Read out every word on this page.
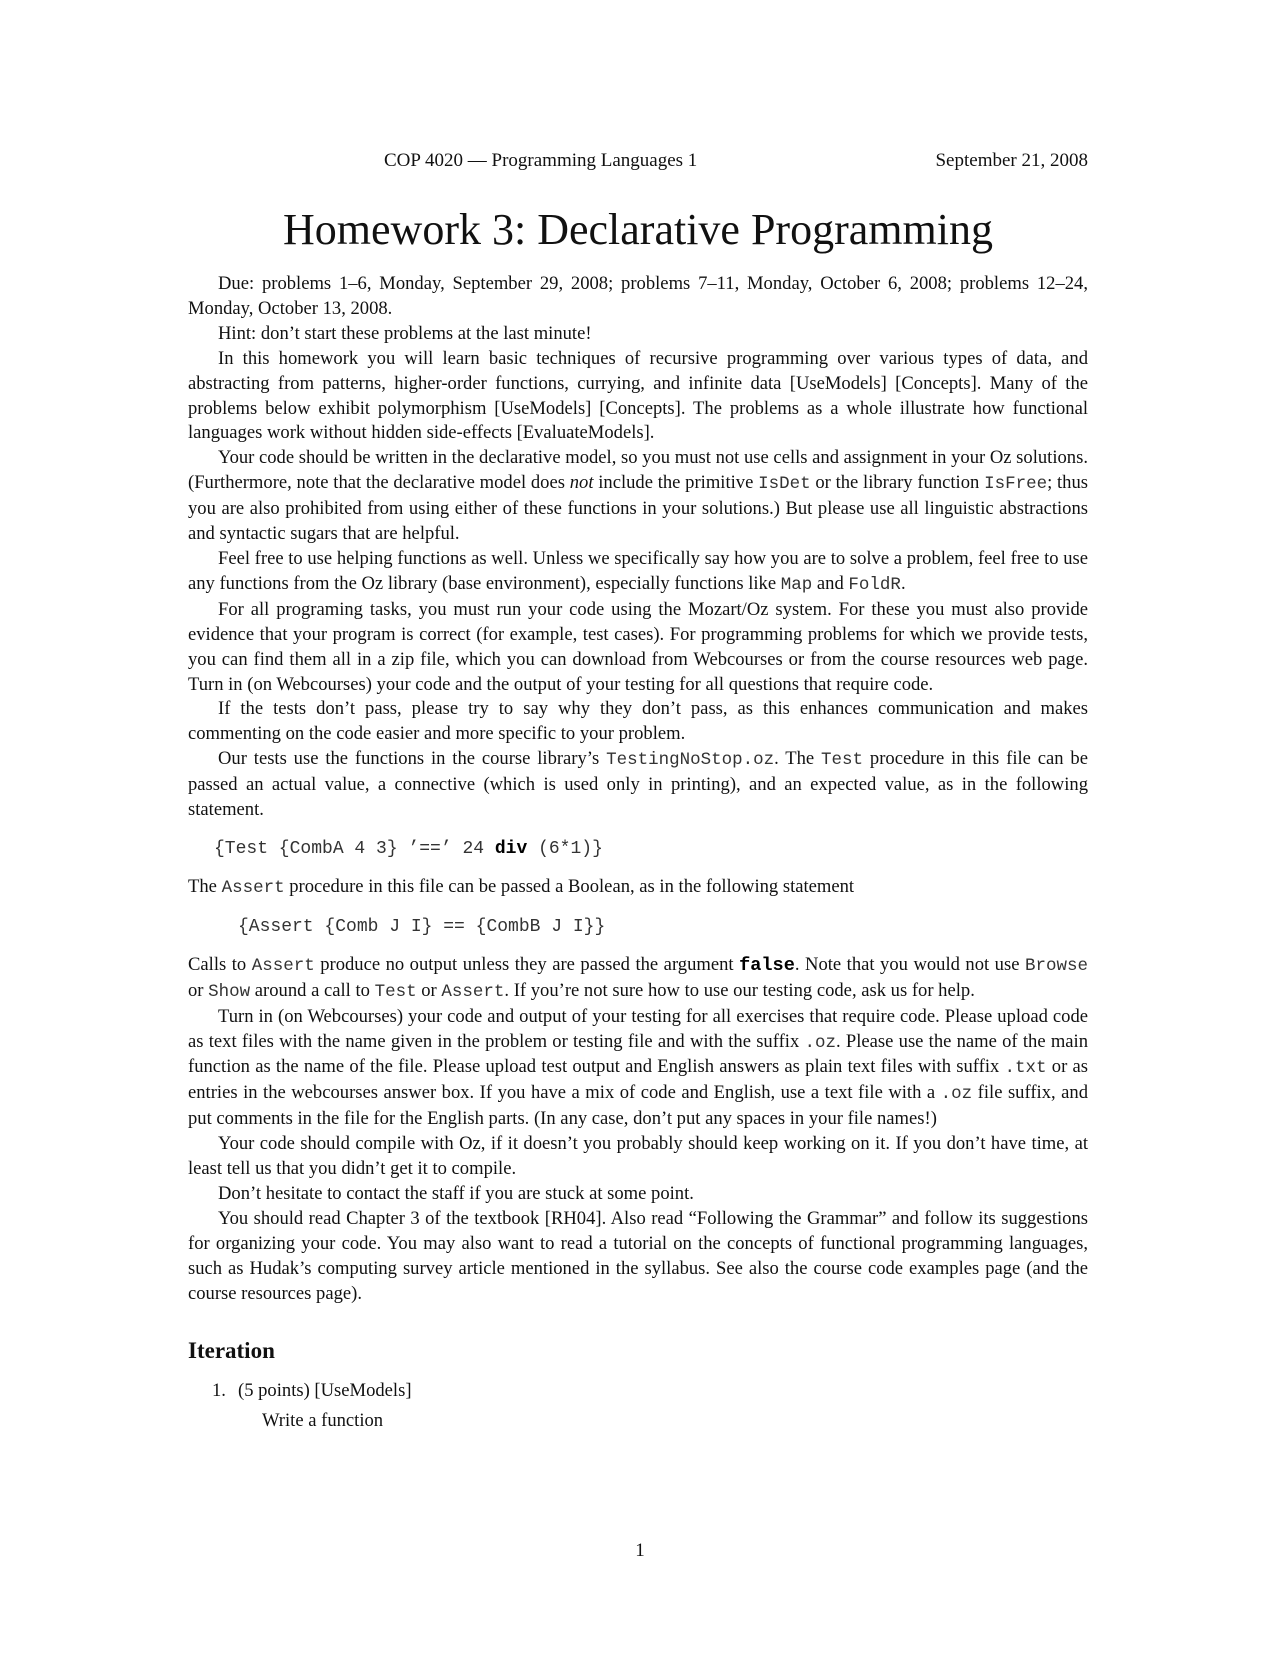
COP 4020 — Programming Languages 1	September 21, 2008
Homework 3: Declarative Programming

Due: problems 1–6, Monday, September 29, 2008; problems 7–11, Monday, October 6, 2008; problems 12–24, Monday, October 13, 2008.

Hint: don’t start these problems at the last minute!

In this homework you will learn basic techniques of recursive programming over various types of data, and abstracting from patterns, higher-order functions, currying, and infinite data [UseModels] [Concepts]. Many of the problems below exhibit polymorphism [UseModels] [Concepts]. The problems as a whole illustrate how functional languages work without hidden side-effects [EvaluateModels].

Your code should be written in the declarative model, so you must not use cells and assignment in your Oz solutions. (Furthermore, note that the declarative model does not include the primitive IsDet or the library function IsFree; thus you are also prohibited from using either of these functions in your solutions.) But please use all linguistic abstractions and syntactic sugars that are helpful.

Feel free to use helping functions as well. Unless we specifically say how you are to solve a problem, feel free to use any functions from the Oz library (base environment), especially functions like Map and FoldR.

For all programing tasks, you must run your code using the Mozart/Oz system. For these you must also provide evidence that your program is correct (for example, test cases). For programming problems for which we provide tests, you can find them all in a zip file, which you can download from Webcourses or from the course resources web page. Turn in (on Webcourses) your code and the output of your testing for all questions that require code.

If the tests don’t pass, please try to say why they don’t pass, as this enhances communication and makes commenting on the code easier and more specific to your problem.

Our tests use the functions in the course library’s TestingNoStop.oz. The Test procedure in this file can be passed an actual value, a connective (which is used only in printing), and an expected value, as in the following statement.

{Test {CombA 4 3} ’==’ 24 div (6*1)}

The Assert procedure in this file can be passed a Boolean, as in the following statement

{Assert {Comb J I} == {CombB J I}}

Calls to Assert produce no output unless they are passed the argument false. Note that you would not use Browse or Show around a call to Test or Assert. If you’re not sure how to use our testing code, ask us for help.

Turn in (on Webcourses) your code and output of your testing for all exercises that require code. Please upload code as text files with the name given in the problem or testing file and with the suffix .oz. Please use the name of the main function as the name of the file. Please upload test output and English answers as plain text files with suffix .txt or as entries in the webcourses answer box. If you have a mix of code and English, use a text file with a .oz file suffix, and put comments in the file for the English parts. (In any case, don’t put any spaces in your file names!)

Your code should compile with Oz, if it doesn’t you probably should keep working on it. If you don’t have time, at least tell us that you didn’t get it to compile.

Don’t hesitate to contact the staff if you are stuck at some point.

You should read Chapter 3 of the textbook [RH04]. Also read “Following the Grammar” and follow its suggestions for organizing your code. You may also want to read a tutorial on the concepts of functional programming languages, such as Hudak’s computing survey article mentioned in the syllabus. See also the course code examples page (and the course resources page).

Iteration
1. (5 points) [UseModels]
Write a function
1
